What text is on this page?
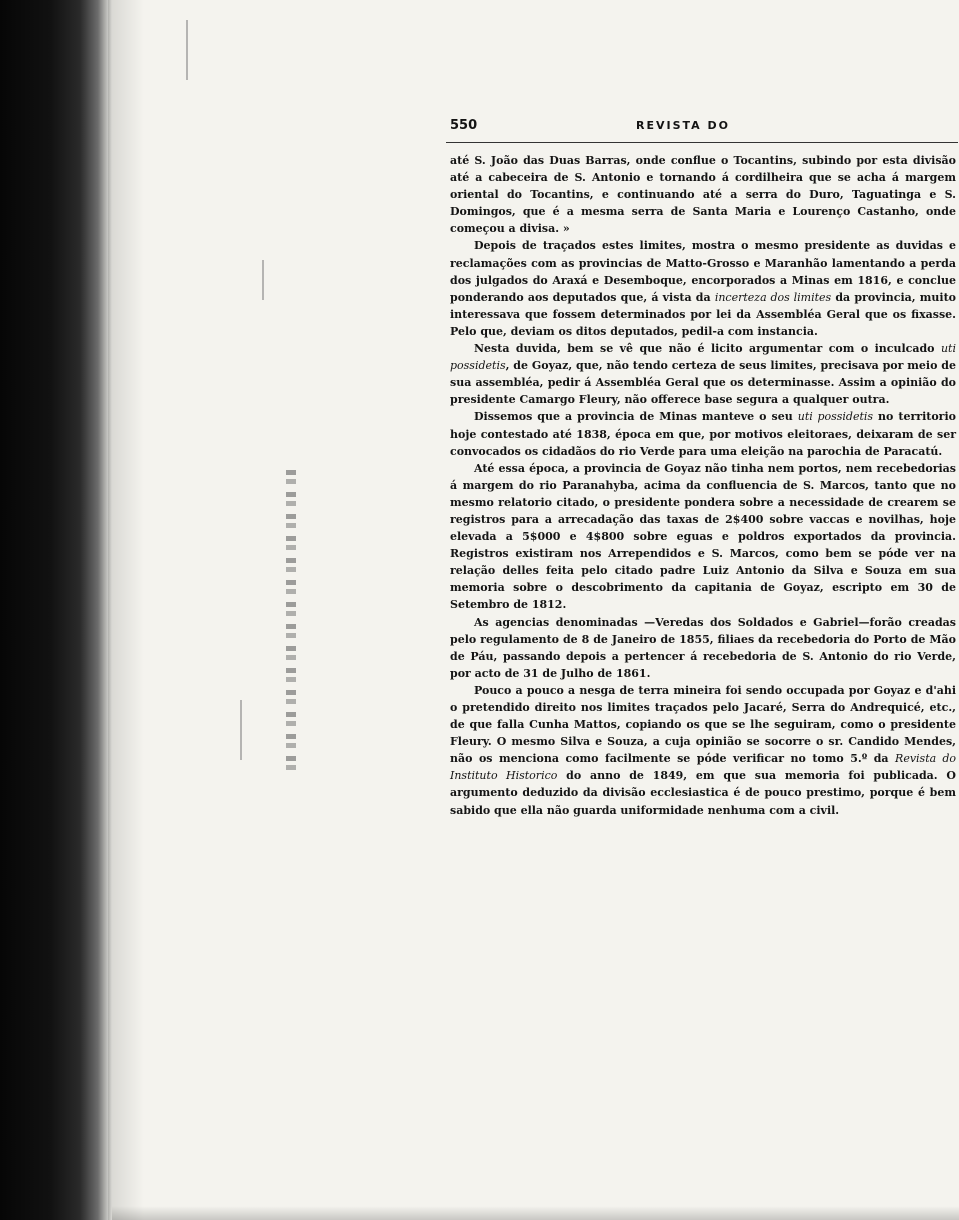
550	REVISTA DO

até S. João das Duas Barras, onde conflue o Tocantins, subindo por esta divisão até a cabeceira de S. Antonio e tornando á cordilheira que se acha á margem oriental do Tocantins, e continuando até a serra do Duro, Taguatinga e S. Domingos, que é a mesma serra de Santa Maria e Lourenço Castanho, onde começou a divisa. »

Depois de traçados estes limites, mostra o mesmo presidente as duvidas e reclamações com as provincias de Matto-Grosso e Maranhão lamentando a perda dos julgados do Araxá e Desemboque, encorporados a Minas em 1816, e conclue ponderando aos deputados que, á vista da incerteza dos limites da provincia, muito interessava que fossem determinados por lei da Assembléa Geral que os fixasse. Pelo que, deviam os ditos deputados, pedil-a com instancia.

Nesta duvida, bem se vê que não é licito argumentar com o inculcado uti possidetis, de Goyaz, que, não tendo certeza de seus limites, precisava por meio de sua assembléa, pedir á Assembléa Geral que os determinasse. Assim a opinião do presidente Camargo Fleury, não offerece base segura a qualquer outra.

Dissemos que a provincia de Minas manteve o seu uti possidetis no territorio hoje contestado até 1838, época em que, por motivos eleitoraes, deixaram de ser convocados os cidadãos do rio Verde para uma eleição na parochia de Paracatú.

Até essa época, a provincia de Goyaz não tinha nem portos, nem recebedorias á margem do rio Paranahyba, acima da confluencia de S. Marcos, tanto que no mesmo relatorio citado, o presidente pondera sobre a necessidade de crearem se registros para a arrecadação das taxas de 2$400 sobre vaccas e novilhas, hoje elevada a 5$000 e 4$800 sobre eguas e poldros exportados da provincia. Registros existiram nos Arrependidos e S. Marcos, como bem se póde ver na relação delles feita pelo citado padre Luiz Antonio da Silva e Souza em sua memoria sobre o descobrimento da capitania de Goyaz, escripto em 30 de Setembro de 1812.

As agencias denominadas —Veredas dos Soldados e Gabriel—forão creadas pelo regulamento de 8 de Janeiro de 1855, filiaes da recebedoria do Porto de Mão de Páu, passando depois a pertencer á recebedoria de S. Antonio do rio Verde, por acto de 31 de Julho de 1861.

Pouco a pouco a nesga de terra mineira foi sendo occupada por Goyaz e d'ahi o pretendido direito nos limites traçados pelo Jacaré, Serra do Andrequicé, etc., de que falla Cunha Mattos, copiando os que se lhe seguiram, como o presidente Fleury. O mesmo Silva e Souza, a cuja opinião se socorre o sr. Candido Mendes, não os menciona como facilmente se póde verificar no tomo 5.º da Revista do Instituto Historico do anno de 1849, em que sua memoria foi publicada. O argumento deduzido da divisão ecclesiastica é de pouco prestimo, porque é bem sabido que ella não guarda uniformidade nenhuma com a civil.
